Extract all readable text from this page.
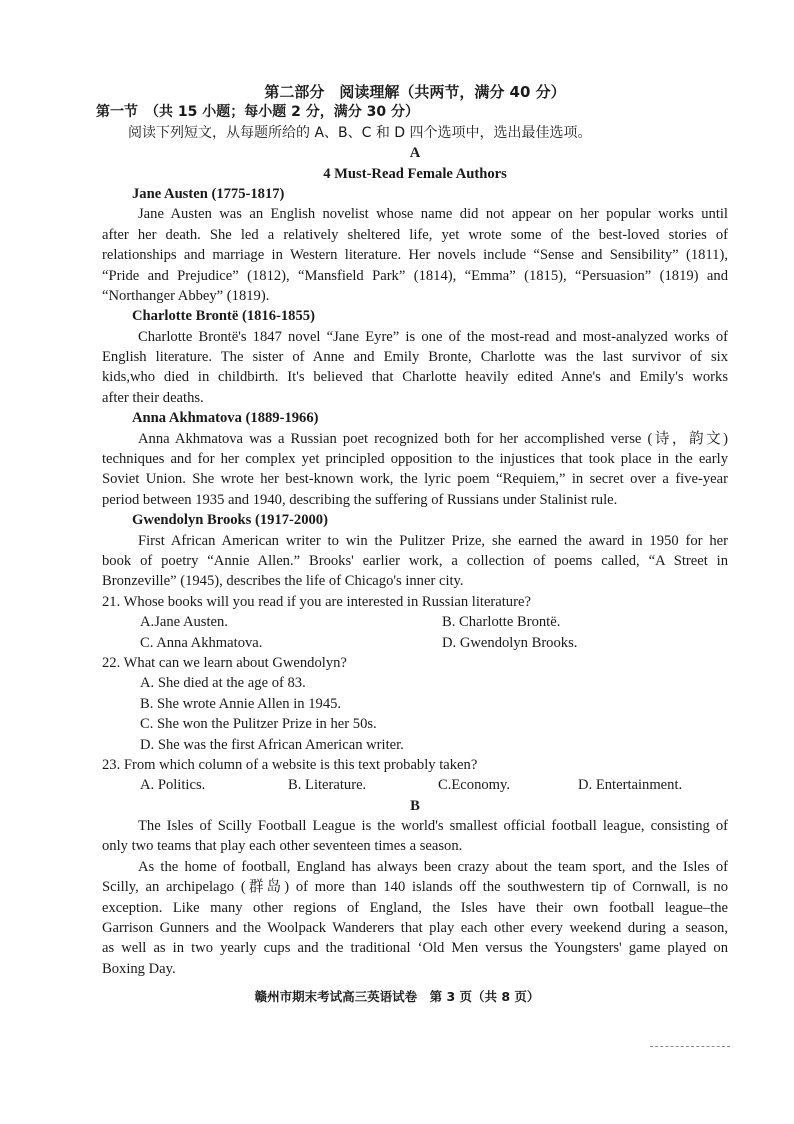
第二部分　阅读理解（共两节，满分 40 分）
第一节　（共 15 小题；每小题 2 分，满分 30 分）
阅读下列短文，从每题所给的 A、B、C 和 D 四个选项中，选出最佳选项。
A
4 Must-Read Female Authors
Jane Austen (1775-1817)
Jane Austen was an English novelist whose name did not appear on her popular works until
after her death. She led a relatively sheltered life, yet wrote some of the best-loved stories of
relationships and marriage in Western literature. Her novels include “Sense and Sensibility” (1811),
“Pride and Prejudice” (1812), “Mansfield Park” (1814), “Emma” (1815), “Persuasion” (1819) and
“Northanger Abbey” (1819).
Charlotte Brontë (1816-1855)
Charlotte Brontë's 1847 novel “Jane Eyre” is one of the most-read and most-analyzed works of
English literature. The sister of Anne and Emily Bronte, Charlotte was the last survivor of six
kids,who died in childbirth. It's believed that Charlotte heavily edited Anne's and Emily's works
after their deaths.
Anna Akhmatova (1889-1966)
Anna Akhmatova was a Russian poet recognized both for her accomplished verse (诗，韵文)
techniques and for her complex yet principled opposition to the injustices that took place in the early
Soviet Union. She wrote her best-known work, the lyric poem “Requiem,” in secret over a five-year
period between 1935 and 1940, describing the suffering of Russians under Stalinist rule.
Gwendolyn Brooks (1917-2000)
First African American writer to win the Pulitzer Prize, she earned the award in 1950 for her
book of poetry “Annie Allen.” Brooks' earlier work, a collection of poems called, “A Street in
Bronzeville” (1945), describes the life of Chicago's inner city.
21. Whose books will you read if you are interested in Russian literature?
A.Jane Austen.	B. Charlotte Brontë.
C. Anna Akhmatova.	D. Gwendolyn Brooks.
22. What can we learn about Gwendolyn?
A. She died at the age of 83.
B. She wrote Annie Allen in 1945.
C. She won the Pulitzer Prize in her 50s.
D. She was the first African American writer.
23. From which column of a website is this text probably taken?
A. Politics.	B. Literature.	C.Economy.	D. Entertainment.
B
The Isles of Scilly Football League is the world's smallest official football league, consisting of
only two teams that play each other seventeen times a season.
As the home of football, England has always been crazy about the team sport, and the Isles of
Scilly, an archipelago (群岛) of more than 140 islands off the southwestern tip of Cornwall, is no
exception. Like many other regions of England, the Isles have their own football league–the
Garrison Gunners and the Woolpack Wanderers that play each other every weekend during a season,
as well as in two yearly cups and the traditional ‘Old Men versus the Youngsters' game played on
Boxing Day.
赣州市期末考试高三英语试卷　第 3 页（共 8 页）
